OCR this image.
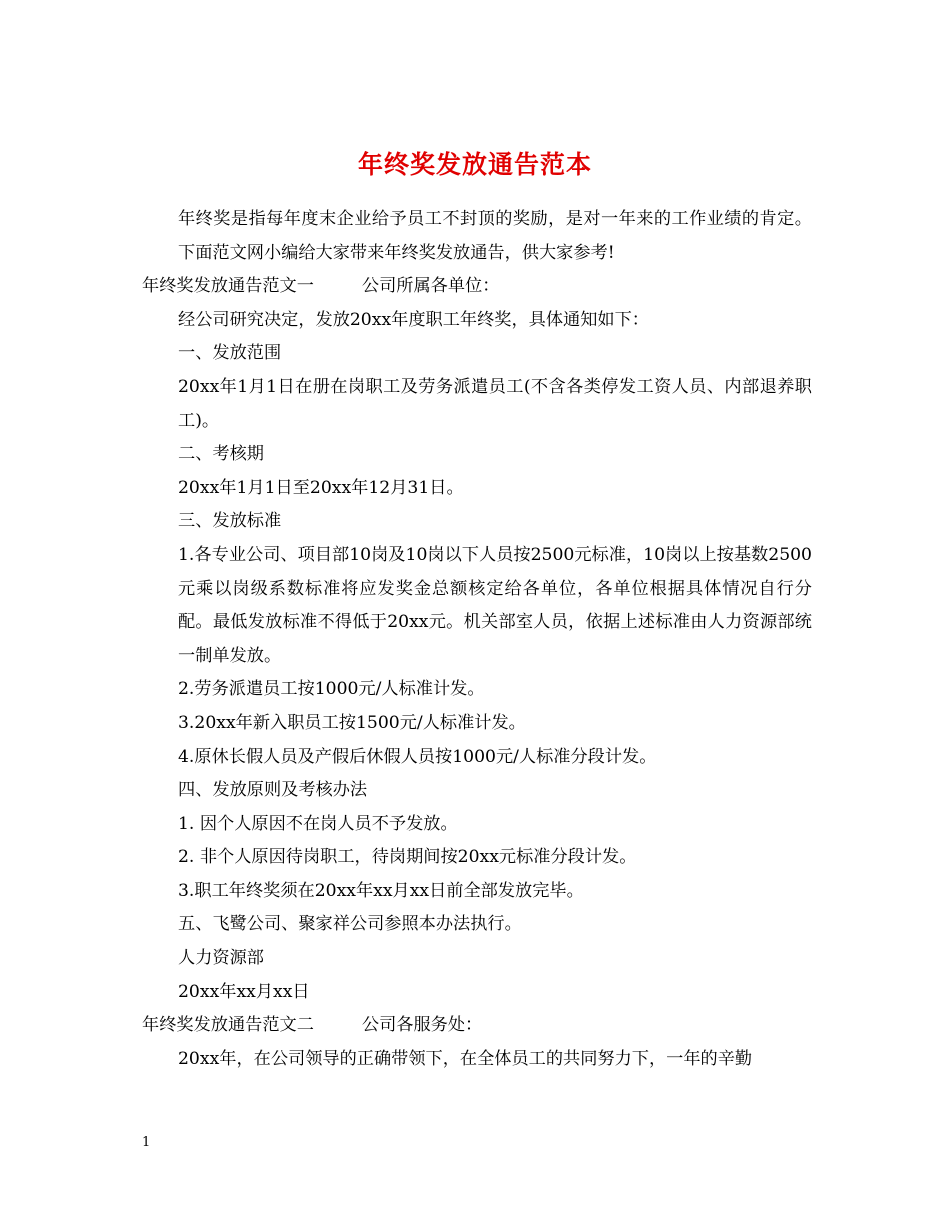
年终奖发放通告范本

年终奖是指每年度末企业给予员工不封顶的奖励，是对一年来的工作业绩的肯定。下面范文网小编给大家带来年终奖发放通告，供大家参考!

年终奖发放通告范文一	公司所属各单位：

经公司研究决定，发放20xx年度职工年终奖，具体通知如下：

一、发放范围

20xx年1月1日在册在岗职工及劳务派遣员工(不含各类停发工资人员、内部退养职工)。

二、考核期

20xx年1月1日至20xx年12月31日。

三、发放标准

1.各专业公司、项目部10岗及10岗以下人员按2500元标准，10岗以上按基数2500元乘以岗级系数标准将应发奖金总额核定给各单位，各单位根据具体情况自行分配。最低发放标准不得低于20xx元。机关部室人员，依据上述标准由人力资源部统一制单发放。

2.劳务派遣员工按1000元/人标准计发。

3.20xx年新入职员工按1500元/人标准计发。

4.原休长假人员及产假后休假人员按1000元/人标准分段计发。

四、发放原则及考核办法

1. 因个人原因不在岗人员不予发放。

2. 非个人原因待岗职工，待岗期间按20xx元标准分段计发。

3.职工年终奖须在20xx年xx月xx日前全部发放完毕。

五、飞鹭公司、聚家祥公司参照本办法执行。

人力资源部

20xx年xx月xx日

年终奖发放通告范文二	公司各服务处：

20xx年，在公司领导的正确带领下，在全体员工的共同努力下，一年的辛勤

1
